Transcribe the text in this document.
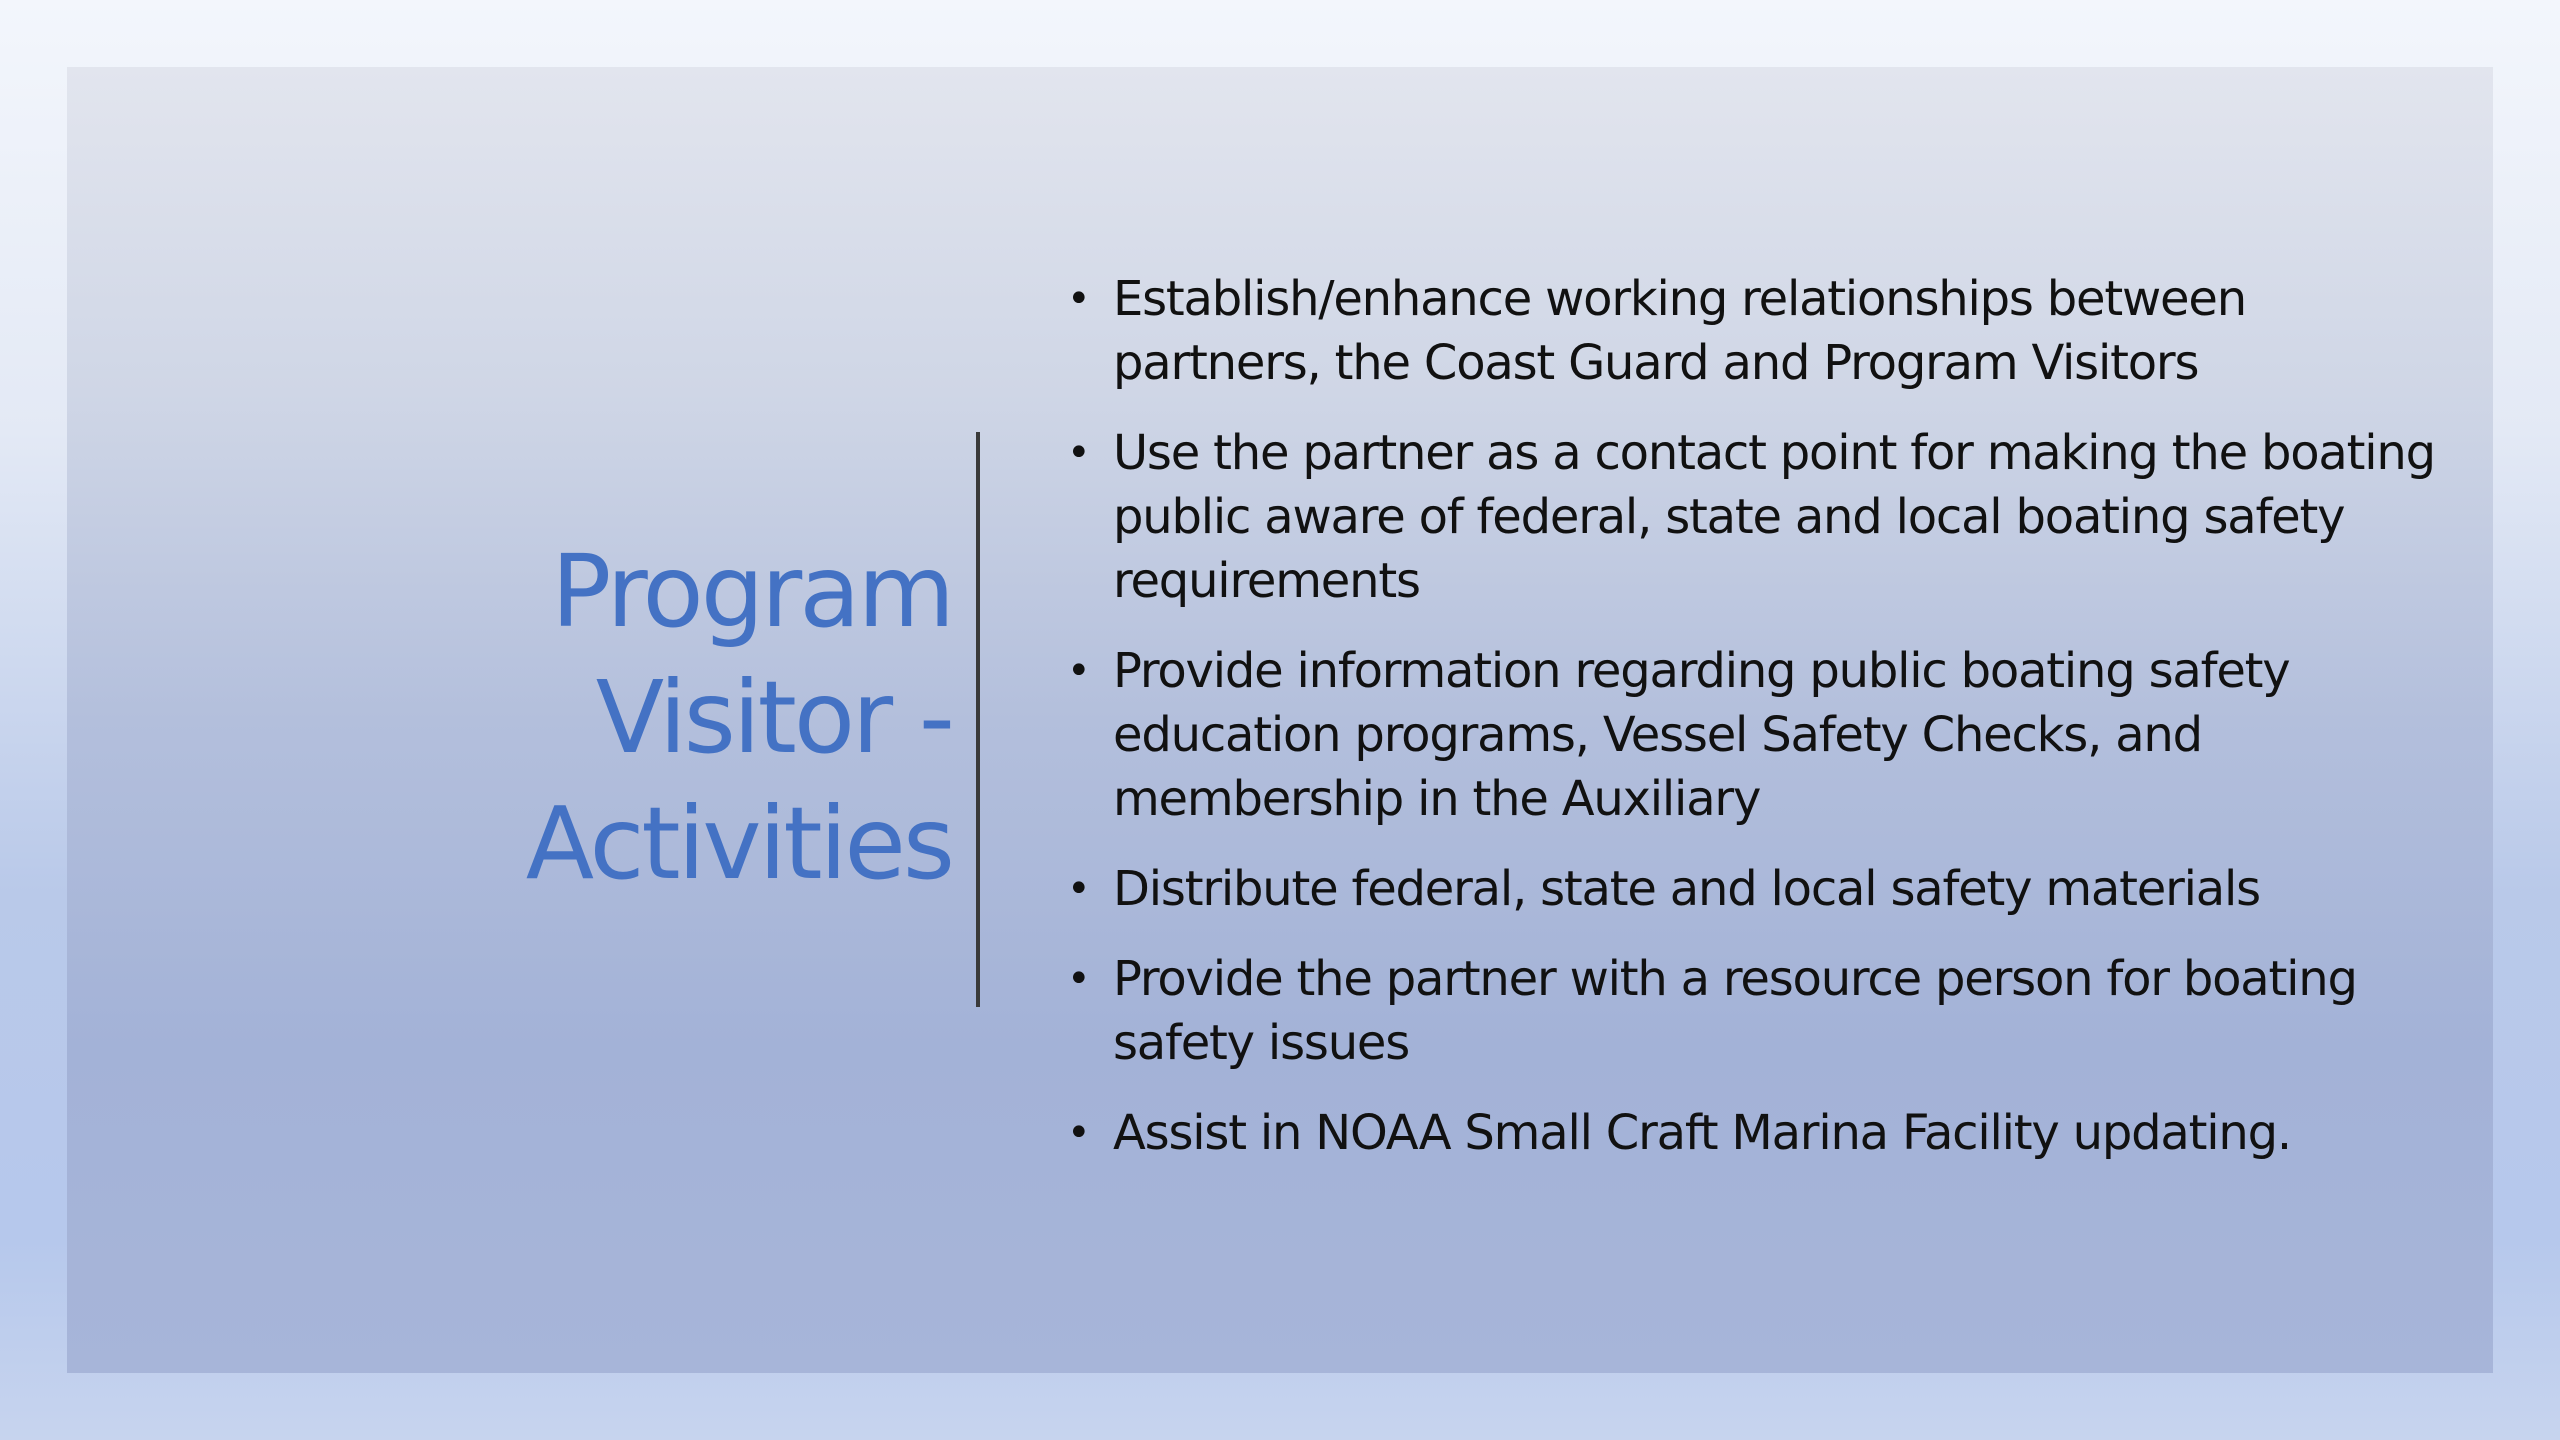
Program Visitor - Activities
• Establish/enhance working relationships between partners, the Coast Guard and Program Visitors
• Use the partner as a contact point for making the boating public aware of federal, state and local boating safety requirements
• Provide information regarding public boating safety education programs, Vessel Safety Checks, and membership in the Auxiliary
• Distribute federal, state and local safety materials
• Provide the partner with a resource person for boating safety issues
• Assist in NOAA Small Craft Marina Facility updating.
